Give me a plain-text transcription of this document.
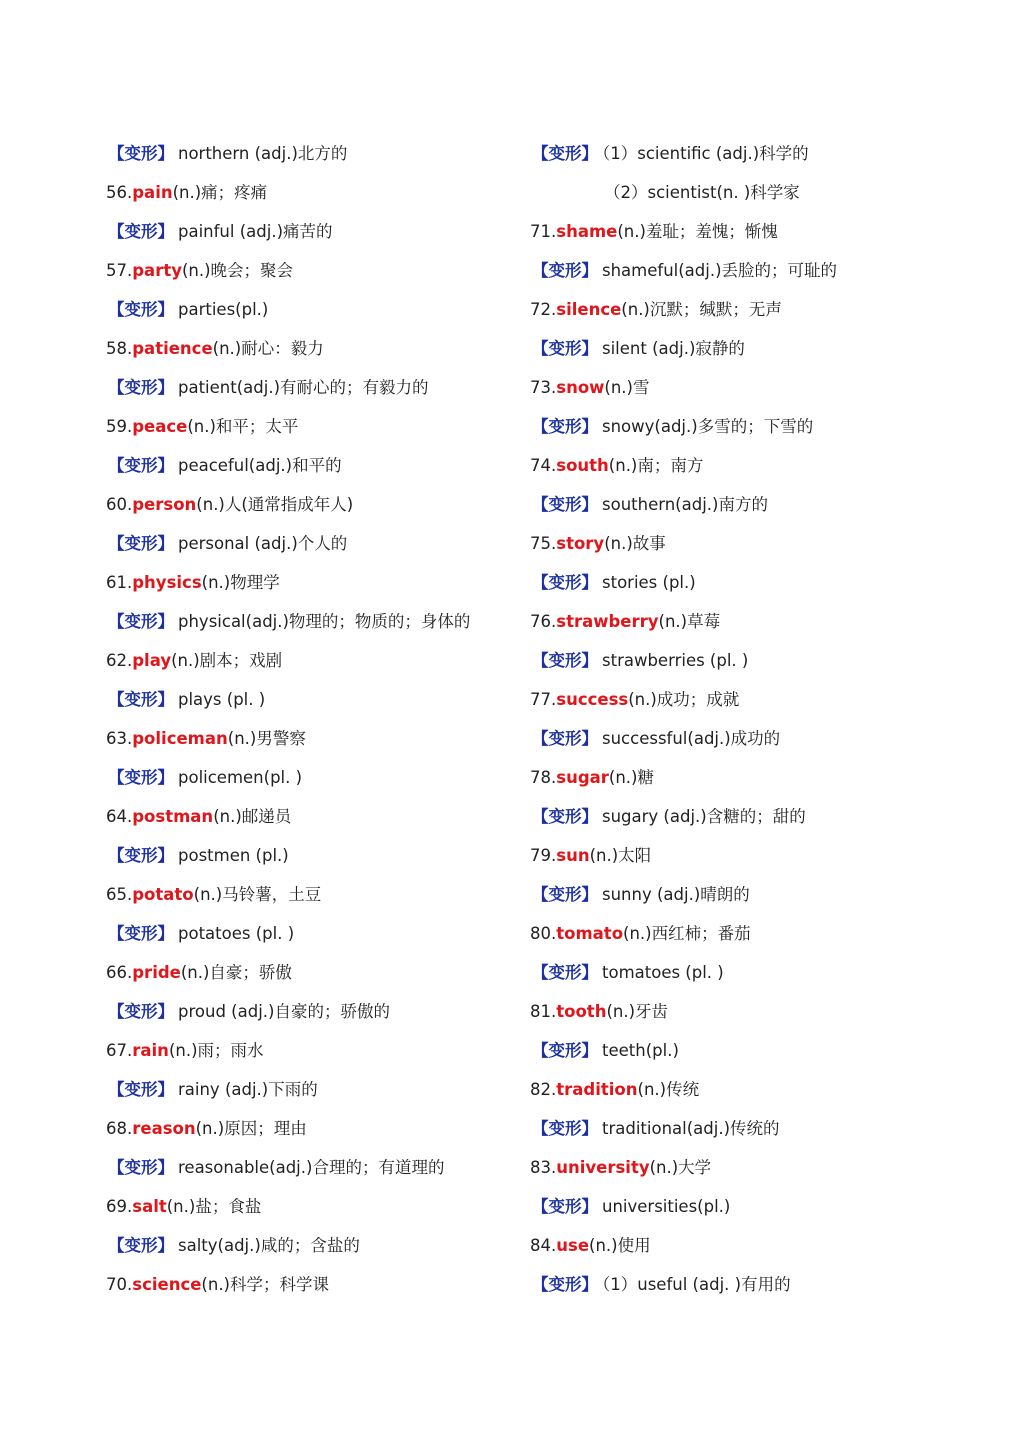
【变形】 northern (adj.)北方的
56.pain(n.)痛；疼痛
【变形】 painful (adj.)痛苦的
57.party(n.)晚会；聚会
【变形】 parties(pl.)
58.patience(n.)耐心：毅力
【变形】 patient(adj.)有耐心的；有毅力的
59.peace(n.)和平；太平
【变形】 peaceful(adj.)和平的
60.person(n.)人(通常指成年人)
【变形】 personal (adj.)个人的
61.physics(n.)物理学
【变形】 physical(adj.)物理的；物质的；身体的
62.play(n.)剧本；戏剧
【变形】 plays (pl. )
63.policeman(n.)男警察
【变形】 policemen(pl. )
64.postman(n.)邮递员
【变形】 postmen (pl.)
65.potato(n.)马铃薯，土豆
【变形】 potatoes (pl. )
66.pride(n.)自豪；骄傲
【变形】 proud (adj.)自豪的；骄傲的
67.rain(n.)雨；雨水
【变形】 rainy (adj.)下雨的
68.reason(n.)原因；理由
【变形】 reasonable(adj.)合理的；有道理的
69.salt(n.)盐；食盐
【变形】 salty(adj.)咸的；含盐的
70.science(n.)科学；科学课
【变形】 （1）scientific (adj.)科学的
（2）scientist(n. )科学家
71.shame(n.)羞耻；羞愧；惭愧
【变形】 shameful(adj.)丢脸的；可耻的
72.silence(n.)沉默；缄默；无声
【变形】 silent (adj.)寂静的
73.snow(n.)雪
【变形】 snowy(adj.)多雪的；下雪的
74.south(n.)南；南方
【变形】 southern(adj.)南方的
75.story(n.)故事
【变形】 stories (pl.)
76.strawberry(n.)草莓
【变形】 strawberries (pl. )
77.success(n.)成功；成就
【变形】 successful(adj.)成功的
78.sugar(n.)糖
【变形】 sugary (adj.)含糖的；甜的
79.sun(n.)太阳
【变形】 sunny (adj.)晴朗的
80.tomato(n.)西红柿；番茄
【变形】 tomatoes (pl. )
81.tooth(n.)牙齿
【变形】 teeth(pl.)
82.tradition(n.)传统
【变形】 traditional(adj.)传统的
83.university(n.)大学
【变形】 universities(pl.)
84.use(n.)使用
【变形】 （1）useful (adj. )有用的
